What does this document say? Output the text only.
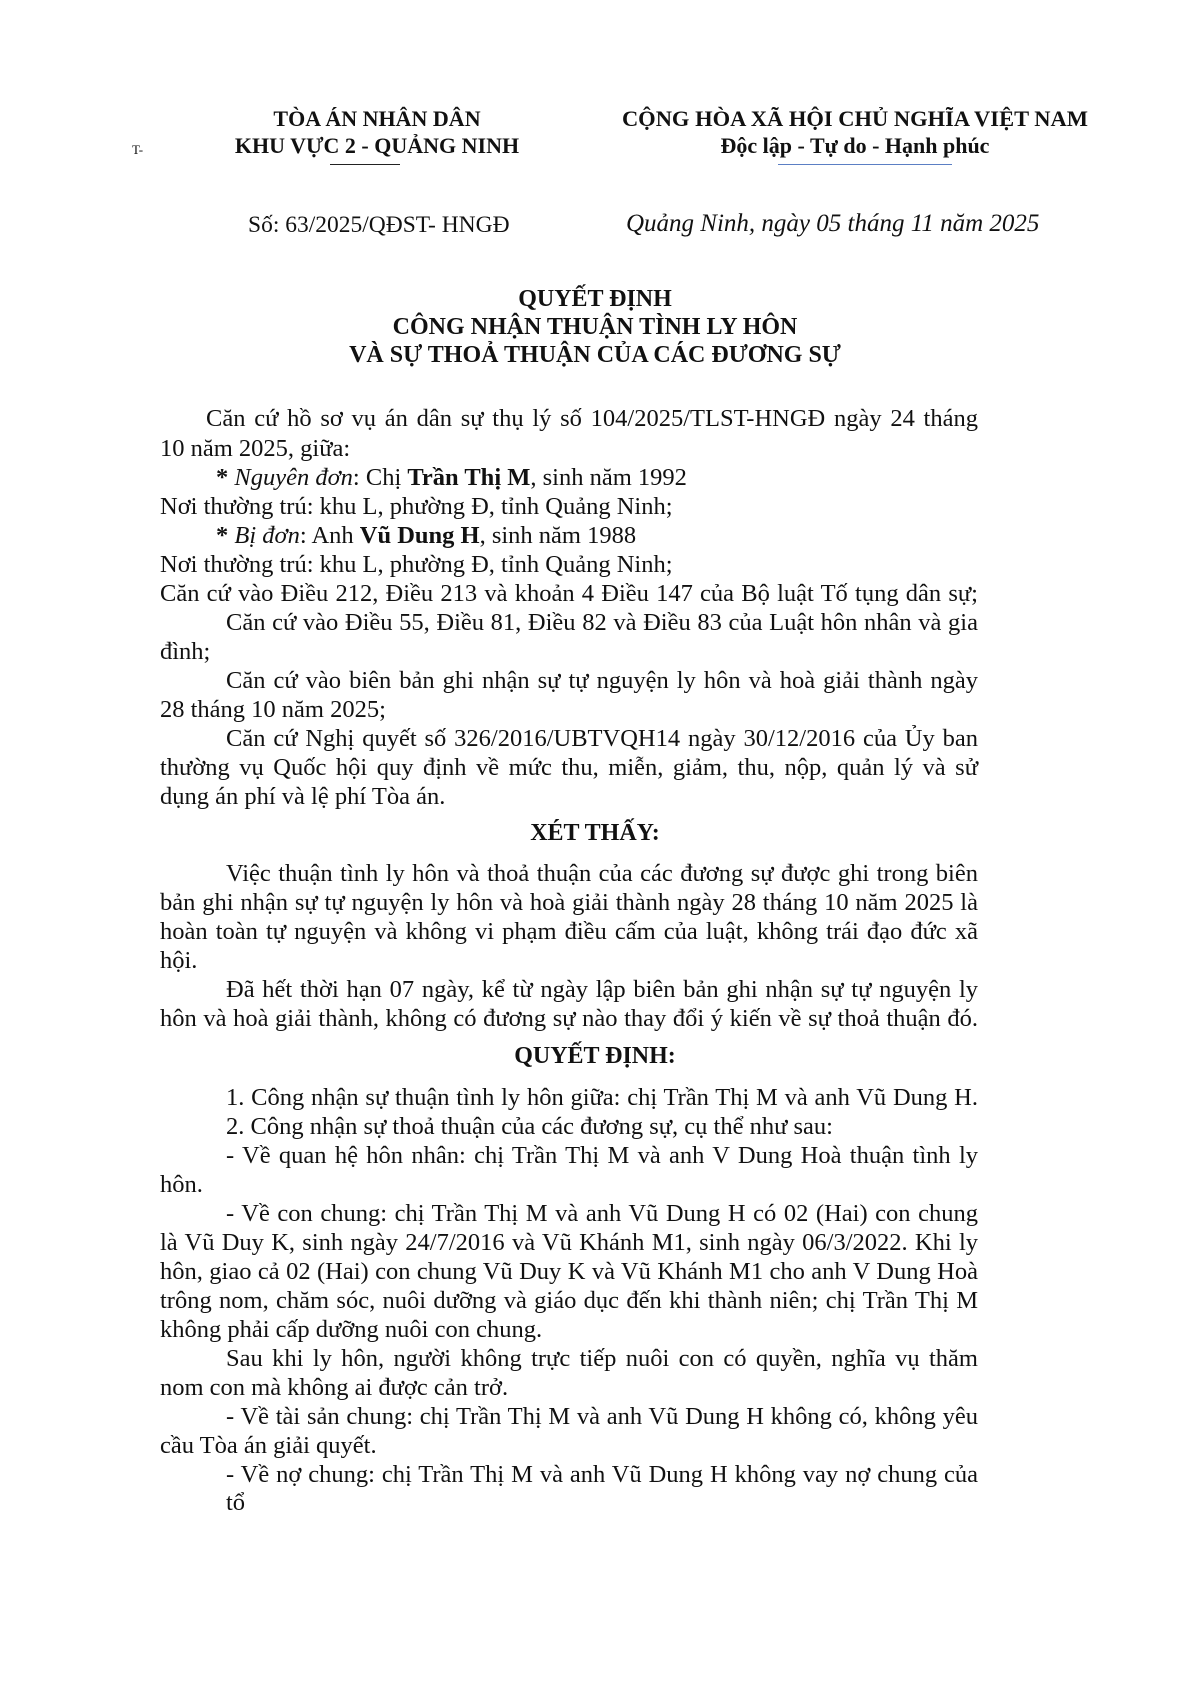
T-
TÒA ÁN NHÂN DÂN
KHU VỰC 2 - QUẢNG NINH
CỘNG HÒA XÃ HỘI CHỦ NGHĨA VIỆT NAM
Độc lập - Tự do - Hạnh phúc
Số: 63/2025/QĐST- HNGĐ	Quảng Ninh, ngày 05 tháng 11 năm 2025
QUYẾT ĐỊNH
CÔNG NHẬN THUẬN TÌNH LY HÔN
VÀ SỰ THOẢ THUẬN CỦA CÁC ĐƯƠNG SỰ
Căn cứ hồ sơ vụ án dân sự thụ lý số 104/2025/TLST-HNGĐ ngày 24 tháng
10 năm 2025, giữa:
* Nguyên đơn: Chị Trần Thị M, sinh năm 1992
Nơi thường trú: khu L, phường Đ, tỉnh Quảng Ninh;
* Bị đơn: Anh Vũ Dung H, sinh năm 1988
Nơi thường trú: khu L, phường Đ, tỉnh Quảng Ninh;
Căn cứ vào Điều 212, Điều 213 và khoản 4 Điều 147 của Bộ luật Tố tụng dân sự;
Căn cứ vào Điều 55, Điều 81, Điều 82 và Điều 83 của Luật hôn nhân và gia
đình;
Căn cứ vào biên bản ghi nhận sự tự nguyện ly hôn và hoà giải thành ngày
28 tháng 10 năm 2025;
Căn cứ Nghị quyết số 326/2016/UBTVQH14 ngày 30/12/2016 của Ủy ban
thường vụ Quốc hội quy định về mức thu, miễn, giảm, thu, nộp, quản lý và sử
dụng án phí và lệ phí Tòa án.
XÉT THẤY:
Việc thuận tình ly hôn và thoả thuận của các đương sự được ghi trong biên
bản ghi nhận sự tự nguyện ly hôn và hoà giải thành ngày 28 tháng 10 năm 2025 là
hoàn toàn tự nguyện và không vi phạm điều cấm của luật, không trái đạo đức xã
hội.
Đã hết thời hạn 07 ngày, kể từ ngày lập biên bản ghi nhận sự tự nguyện ly
hôn và hoà giải thành, không có đương sự nào thay đổi ý kiến về sự thoả thuận đó.
QUYẾT ĐỊNH:
1. Công nhận sự thuận tình ly hôn giữa: chị Trần Thị M và anh Vũ Dung H.
2. Công nhận sự thoả thuận của các đương sự, cụ thể như sau:
- Về quan hệ hôn nhân: chị Trần Thị M và anh V Dung Hoà thuận tình ly
hôn.
- Về con chung: chị Trần Thị M và anh Vũ Dung H có 02 (Hai) con chung
là Vũ Duy K, sinh ngày 24/7/2016 và Vũ Khánh M1, sinh ngày 06/3/2022. Khi ly
hôn, giao cả 02 (Hai) con chung Vũ Duy K và Vũ Khánh M1 cho anh V Dung Hoà
trông nom, chăm sóc, nuôi dưỡng và giáo dục đến khi thành niên; chị Trần Thị M
không phải cấp dưỡng nuôi con chung.
Sau khi ly hôn, người không trực tiếp nuôi con có quyền, nghĩa vụ thăm
nom con mà không ai được cản trở.
- Về tài sản chung: chị Trần Thị M và anh Vũ Dung H không có, không yêu
cầu Tòa án giải quyết.
- Về nợ chung: chị Trần Thị M và anh Vũ Dung H không vay nợ chung của tổ
